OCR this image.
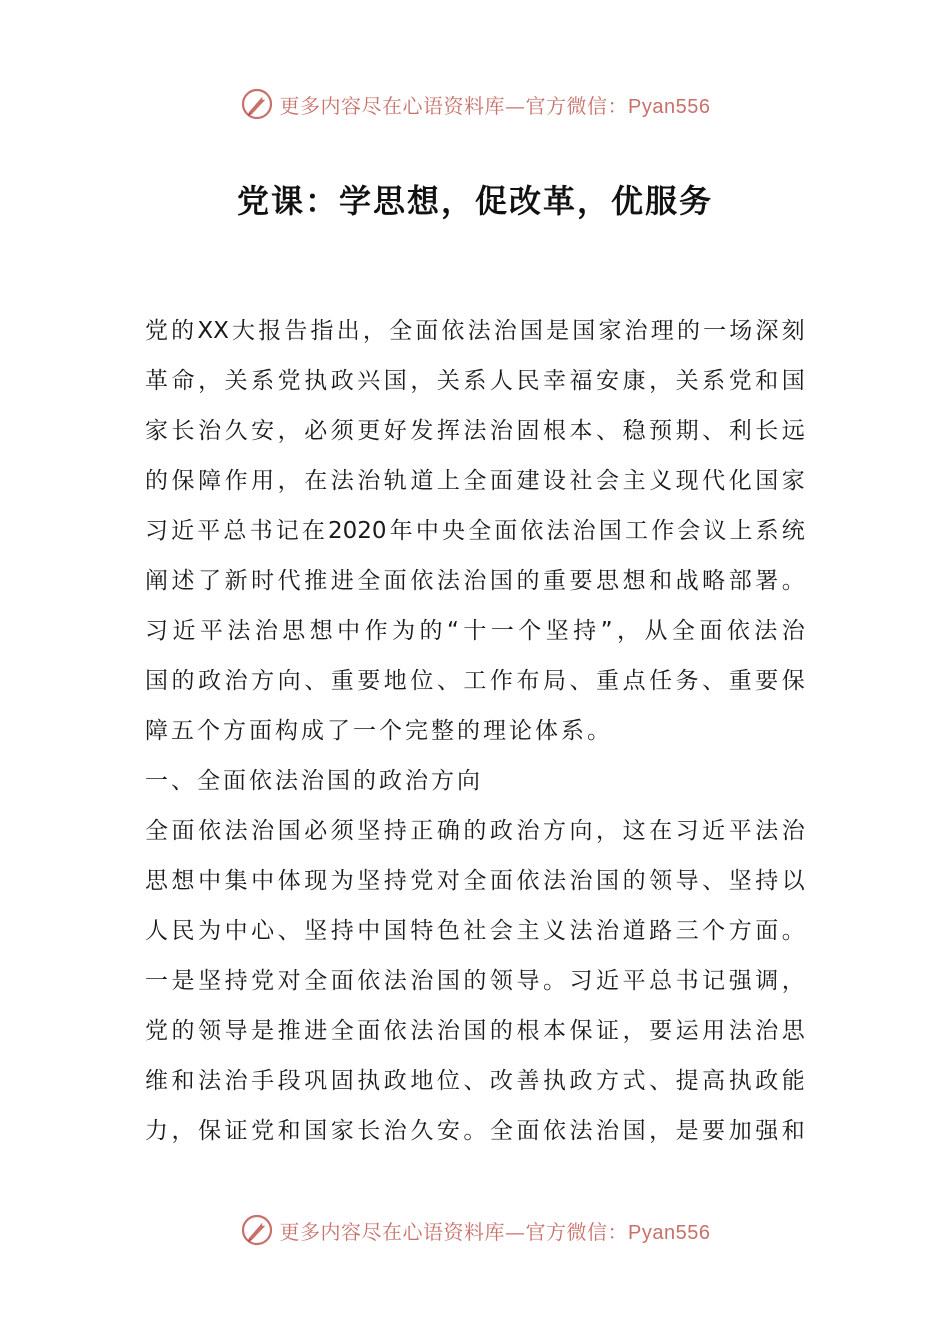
更多内容尽在心语资料库—官方微信：Pyan556
党课：学思想，促改革，优服务
党 的 XX 大 报 告 指 出 ， 全 面 依 法 治 国 是 国 家 治 理 的 一 场 深 刻
革 命 ， 关 系 党 执 政 兴 国 ， 关 系 人 民 幸 福 安 康 ， 关 系 党 和 国
家 长 治 久 安 ， 必 须 更 好 发 挥 法 治 固 根 本 、 稳 预 期 、 利 长 远
的 保 障 作 用 ， 在 法 治 轨 道 上 全 面 建 设 社 会 主 义 现 代 化 国 家
习 近 平 总 书 记 在 2020 年 中 央 全 面 依 法 治 国 工 作 会 议 上 系 统
阐 述 了 新 时 代 推 进 全 面 依 法 治 国 的 重 要 思 想 和 战 略 部 署 。
习 近 平 法 治 思 想 中 作 为 的 “ 十 一 个 坚 持 ” ， 从 全 面 依 法 治
国 的 政 治 方 向 、 重 要 地 位 、 工 作 布 局 、 重 点 任 务 、 重 要 保
障五个方面构成了一个完整的理论体系。
一、全面依法治国的政治方向
全 面 依 法 治 国 必 须 坚 持 正 确 的 政 治 方 向 ， 这 在 习 近 平 法 治
思 想 中 集 中 体 现 为 坚 持 党 对 全 面 依 法 治 国 的 领 导 、 坚 持 以
人 民 为 中 心 、 坚 持 中 国 特 色 社 会 主 义 法 治 道 路 三 个 方 面 。
一 是 坚 持 党 对 全 面 依 法 治 国 的 领 导 。 习 近 平 总 书 记 强 调 ，
党 的 领 导 是 推 进 全 面 依 法 治 国 的 根 本 保 证 ， 要 运 用 法 治 思
维 和 法 治 手 段 巩 固 执 政 地 位 、 改 善 执 政 方 式 、 提 高 执 政 能
力 ， 保 证 党 和 国 家 长 治 久 安 。 全 面 依 法 治 国 ， 是 要 加 强 和
更多内容尽在心语资料库—官方微信：Pyan556
